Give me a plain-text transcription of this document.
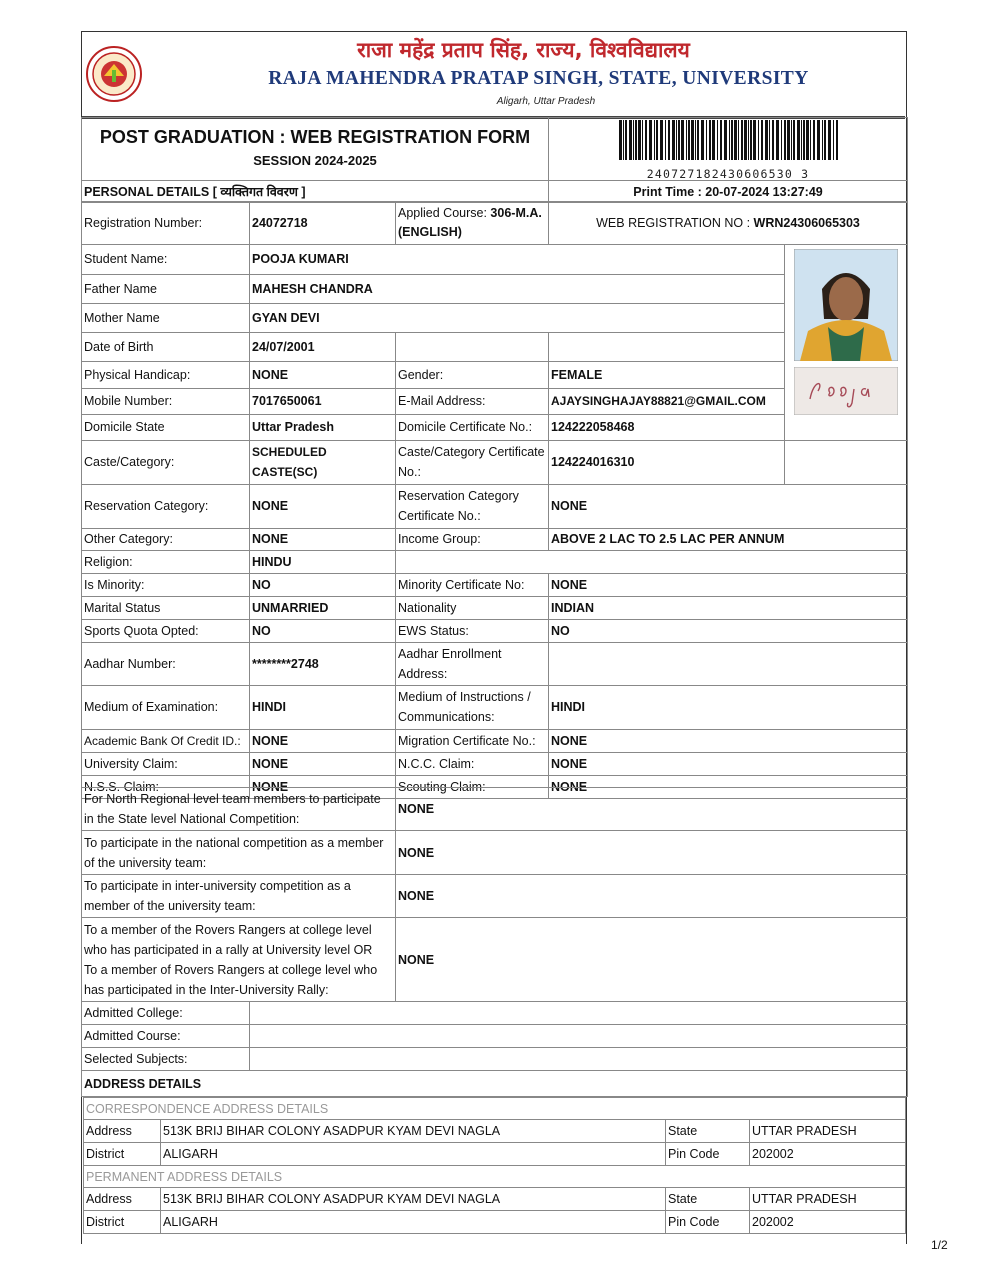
राजा महेंद्र प्रताप सिंह, राज्य, विश्वविद्यालय
RAJA MAHENDRA PRATAP SINGH, STATE, UNIVERSITY
Aligarh, Uttar Pradesh
POST GRADUATION : WEB REGISTRATION FORM
SESSION 2024-2025	240727182430606530 3

PERSONAL DETAILS [ व्यक्तिगत विवरण ]	Print Time : 20-07-2024 13:27:49
Registration Number:	24072718	Applied Course: 306-M.A. (ENGLISH)	WEB REGISTRATION NO : WRN24306065303	
Student Name:	POOJA KUMARI	

Father Name	MAHESH CHANDRA			
Mother Name	GYAN DEVI			
Date of Birth	24/07/2001			
Physical Handicap:	NONE	Gender:	FEMALE	

Mobile Number:	7017650061	E-Mail Address:	AJAYSINGHAJAY88821@GMAIL.COM	
Domicile State	Uttar Pradesh	Domicile Certificate No.:	124222058468	
Caste/Category:	SCHEDULED CASTE(SC)	Caste/Category Certificate No.:	124224016310	
Reservation Category:	NONE	Reservation Category Certificate No.:	NONE	
Other Category:	NONE	Income Group:	ABOVE 2 LAC TO 2.5 LAC PER ANNUM	
Religion:	HINDU			
Is Minority:	NO	Minority Certificate No:	NONE	
Marital Status	UNMARRIED	Nationality	INDIAN	
Sports Quota Opted:	NO	EWS Status:	NO	
Aadhar Number:	********2748	Aadhar Enrollment Address:		
Medium of Examination:	HINDI	Medium of Instructions / Communications:	HINDI	
Academic Bank Of Credit ID.:	NONE	Migration Certificate No.:	NONE	
University Claim:	NONE	N.C.C. Claim:	NONE	
N.S.S. Claim:	NONE	Scouting Claim:	NONE	
For North Regional level team members to participate in the State level National Competition:	NONE
To participate in the national competition as a member of the university team:	NONE
To participate in inter-university competition as a member of the university team:	NONE

To a member of the Rovers Rangers at college level who has participated in a rally at University level OR
To a member of Rovers Rangers at college level who has participated in the Inter-University Rally:	NONE
Admitted College:	
Admitted Course:	
Selected Subjects:	
ADDRESS DETAILS	
CORRESPONDENCE ADDRESS DETAILS			
Address	513K BRIJ BIHAR COLONY ASADPUR KYAM DEVI NAGLA	State	UTTAR PRADESH
District	ALIGARH	Pin Code	202002
PERMANENT ADDRESS DETAILS			
Address	513K BRIJ BIHAR COLONY ASADPUR KYAM DEVI NAGLA	State	UTTAR PRADESH
District	ALIGARH	Pin Code	202002
1/2
